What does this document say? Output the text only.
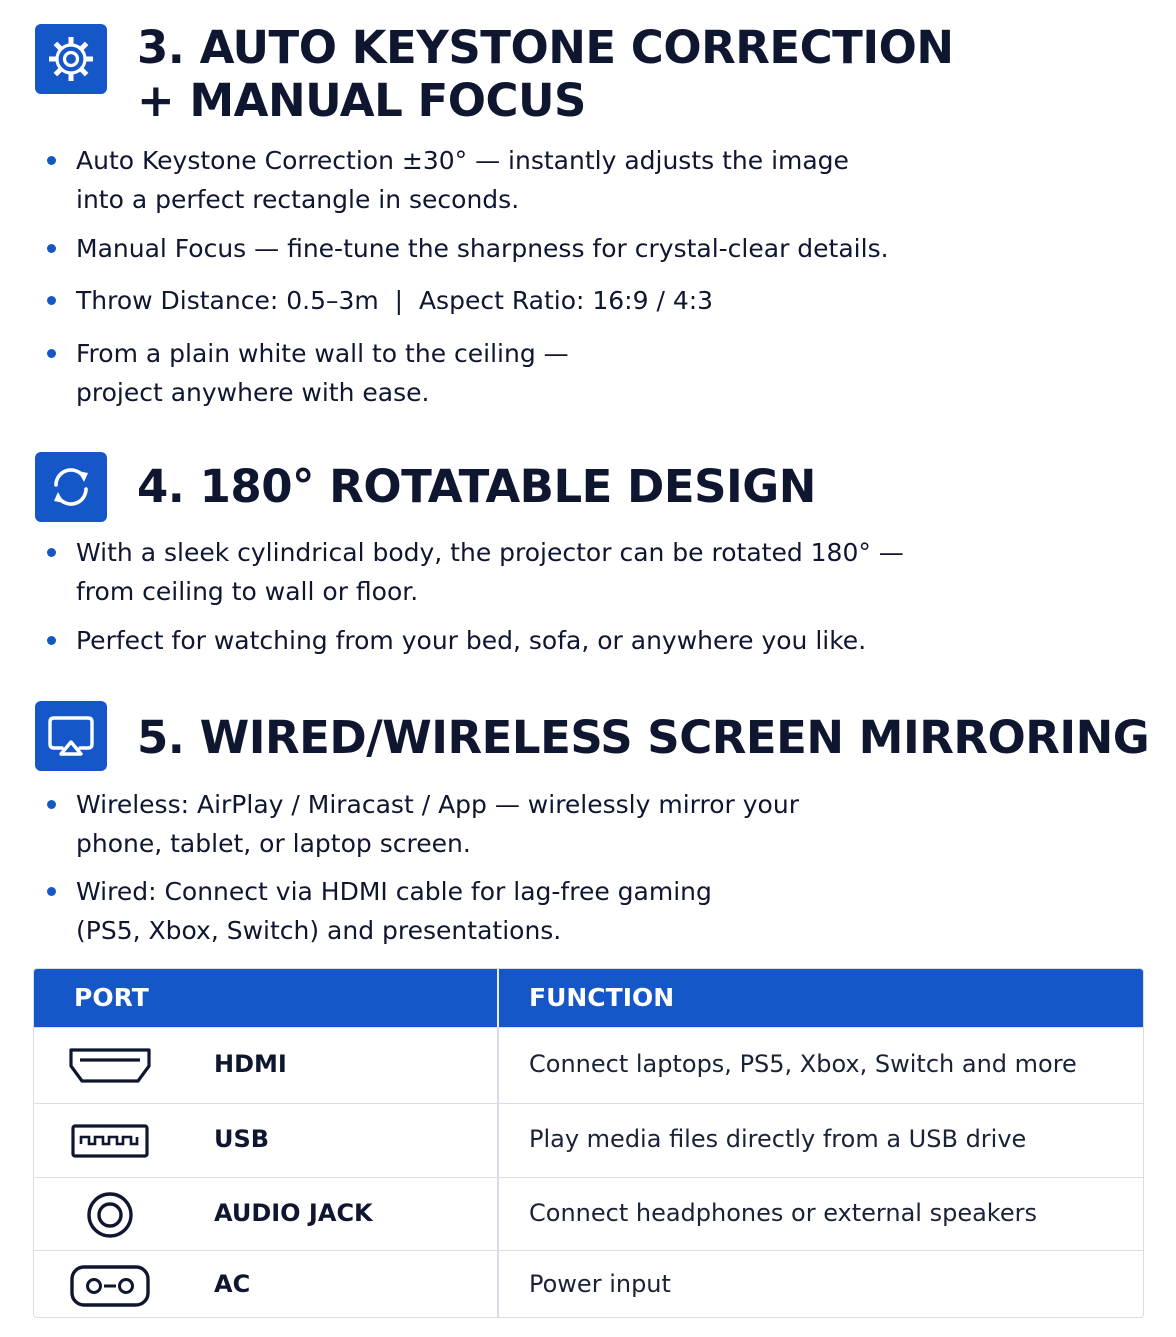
3. AUTO KEYSTONE CORRECTION
+ MANUAL FOCUS
Auto Keystone Correction ±30° — instantly adjusts the image
into a perfect rectangle in seconds.
Manual Focus — fine-tune the sharpness for crystal-clear details.
Throw Distance: 0.5–3m  |  Aspect Ratio: 16:9 / 4:3
From a plain white wall to the ceiling —
project anywhere with ease.
4. 180° ROTATABLE DESIGN
With a sleek cylindrical body, the projector can be rotated 180° —
from ceiling to wall or floor.
Perfect for watching from your bed, sofa, or anywhere you like.
5. WIRED/WIRELESS SCREEN MIRRORING
Wireless: AirPlay / Miracast / App — wirelessly mirror your
phone, tablet, or laptop screen.
Wired: Connect via HDMI cable for lag-free gaming
(PS5, Xbox, Switch) and presentations.
PORT	FUNCTION
HDMI	Connect laptops, PS5, Xbox, Switch and more
USB	Play media files directly from a USB drive
AUDIO JACK	Connect headphones or external speakers
AC	Power input
